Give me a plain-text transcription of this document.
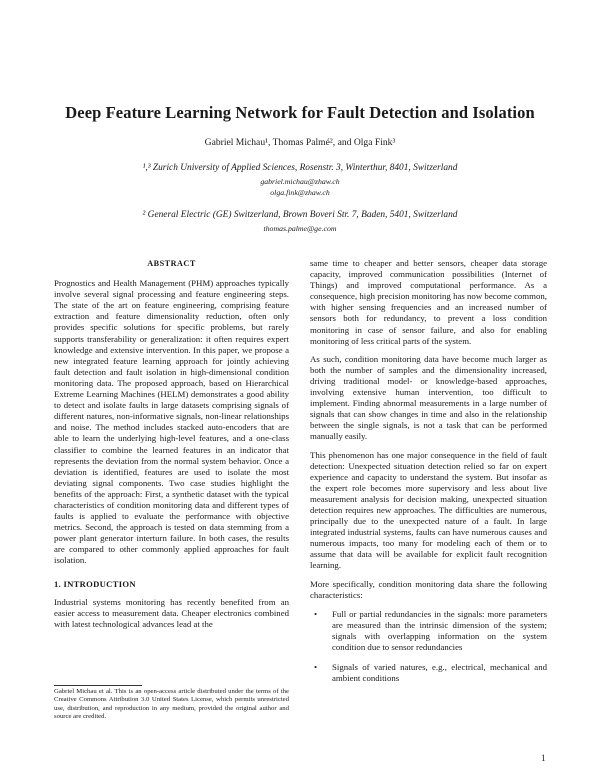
Deep Feature Learning Network for Fault Detection and Isolation
Gabriel Michau¹, Thomas Palmé², and Olga Fink³
¹,³ Zurich University of Applied Sciences, Rosenstr. 3, Winterthur, 8401, Switzerland
gabriel.michau@zhaw.ch
olga.fink@zhaw.ch
² General Electric (GE) Switzerland, Brown Boveri Str. 7, Baden, 5401, Switzerland
thomas.palme@ge.com
ABSTRACT

Prognostics and Health Management (PHM) approaches typically involve several signal processing and feature engineering steps. The state of the art on feature engineering, comprising feature extraction and feature dimensionality reduction, often only provides specific solutions for specific problems, but rarely supports transferability or generalization: it often requires expert knowledge and extensive intervention. In this paper, we propose a new integrated feature learning approach for jointly achieving fault detection and fault isolation in high-dimensional condition monitoring data. The proposed approach, based on Hierarchical Extreme Learning Machines (HELM) demonstrates a good ability to detect and isolate faults in large datasets comprising signals of different natures, non-informative signals, non-linear relationships and noise. The method includes stacked auto-encoders that are able to learn the underlying high-level features, and a one-class classifier to combine the learned features in an indicator that represents the deviation from the normal system behavior. Once a deviation is identified, features are used to isolate the most deviating signal components. Two case studies highlight the benefits of the approach: First, a synthetic dataset with the typical characteristics of condition monitoring data and different types of faults is applied to evaluate the performance with objective metrics. Second, the approach is tested on data stemming from a power plant generator interturn failure. In both cases, the results are compared to other commonly applied approaches for fault isolation.

1. INTRODUCTION

Industrial systems monitoring has recently benefited from an easier access to measurement data. Cheaper electronics combined with latest technological advances lead at the

Gabriel Michau et al. This is an open-access article distributed under the terms of the Creative Commons Attribution 3.0 United States License, which permits unrestricted use, distribution, and reproduction in any medium, provided the original author and source are credited.

same time to cheaper and better sensors, cheaper data storage capacity, improved communication possibilities (Internet of Things) and improved computational performance. As a consequence, high precision monitoring has now become common, with higher sensing frequencies and an increased number of sensors both for redundancy, to prevent a loss condition monitoring in case of sensor failure, and also for enabling monitoring of less critical parts of the system.

As such, condition monitoring data have become much larger as both the number of samples and the dimensionality increased, driving traditional model- or knowledge-based approaches, involving extensive human intervention, too difficult to implement. Finding abnormal measurements in a large number of signals that can show changes in time and also in the relationship between the single signals, is not a task that can be performed manually easily.

This phenomenon has one major consequence in the field of fault detection: Unexpected situation detection relied so far on expert experience and capacity to understand the system. But insofar as the expert role becomes more supervisory and less about live measurement analysis for decision making, unexpected situation detection requires new approaches. The difficulties are numerous, principally due to the unexpected nature of a fault. In large integrated industrial systems, faults can have numerous causes and numerous impacts, too many for modeling each of them or to assume that data will be available for explicit fault recognition learning.

More specifically, condition monitoring data share the following characteristics:

• Full or partial redundancies in the signals: more parameters are measured than the intrinsic dimension of the system; signals with overlapping information on the system condition due to sensor redundancies
• Signals of varied natures, e.g., electrical, mechanical and ambient conditions
1
